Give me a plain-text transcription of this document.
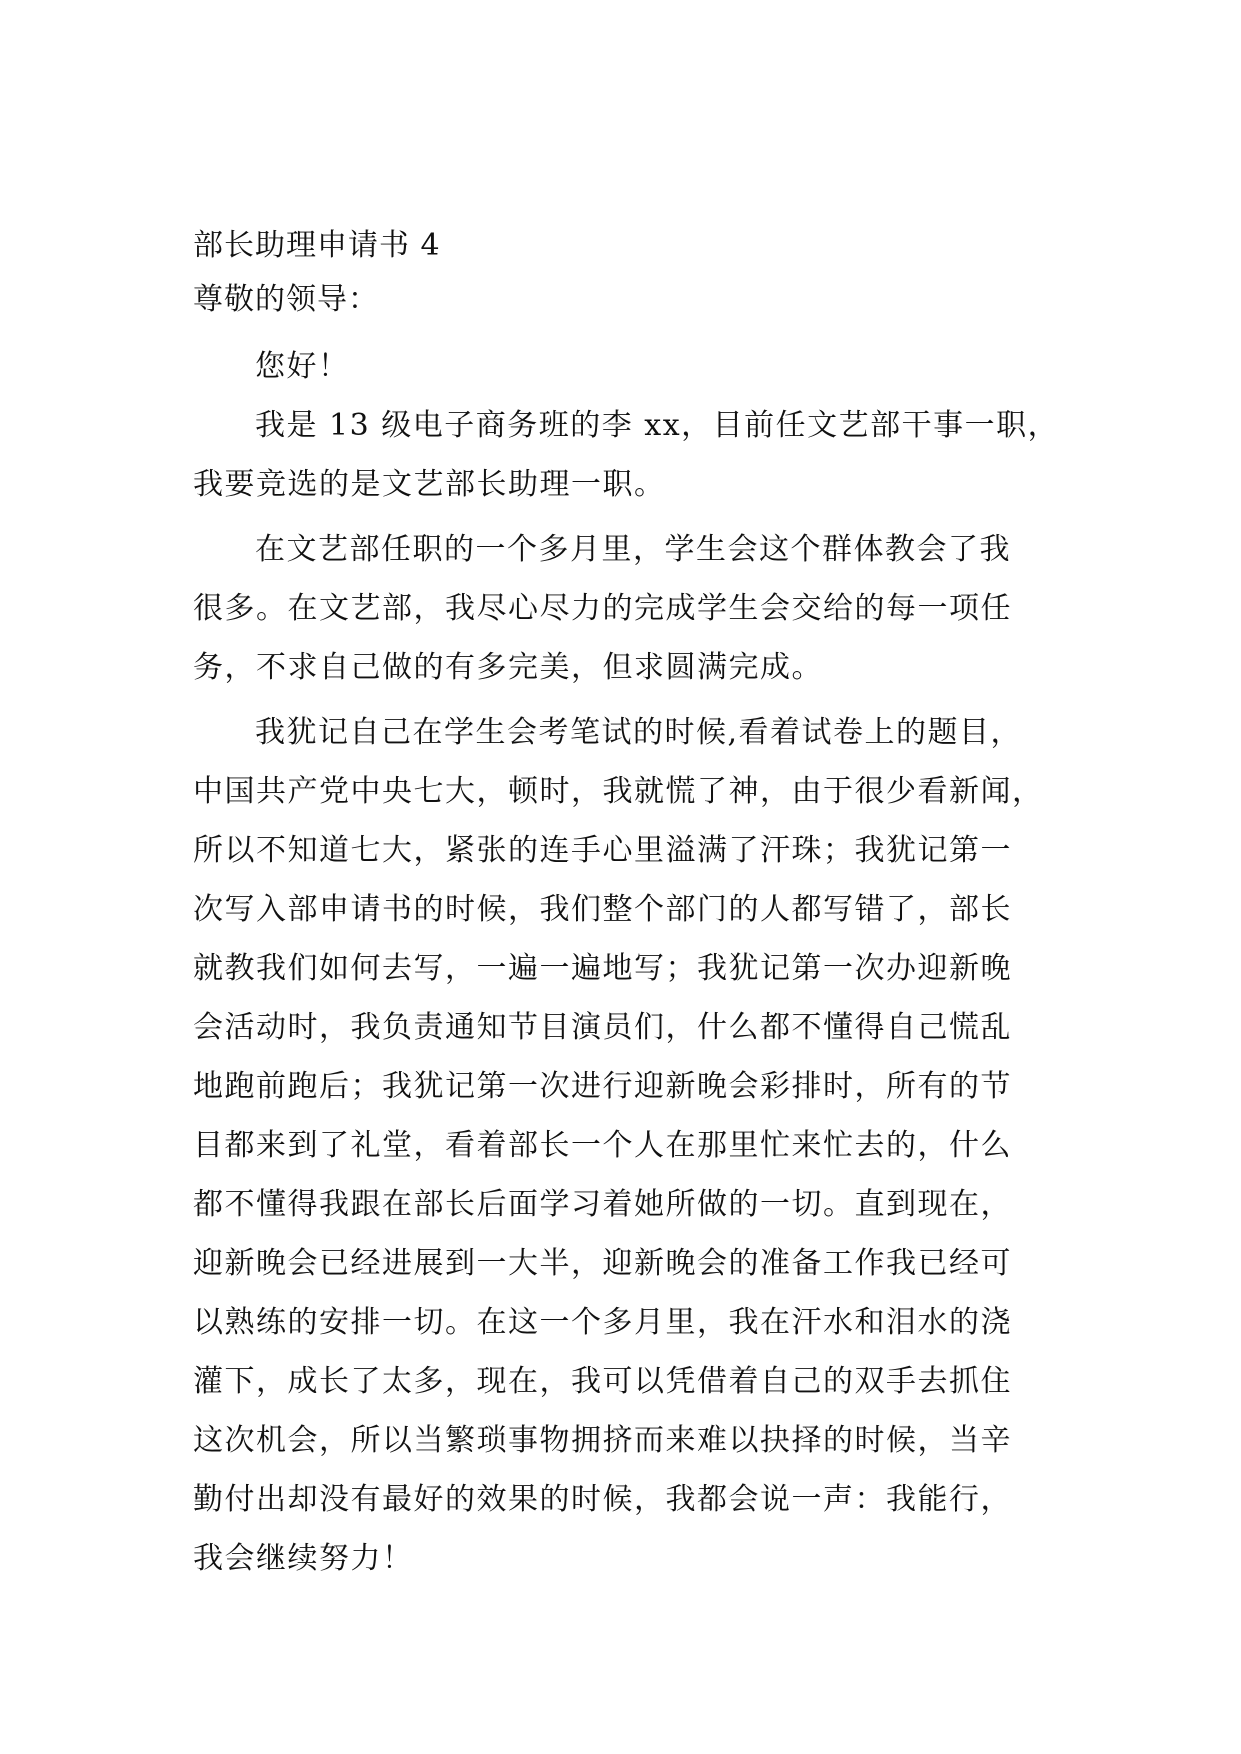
部长助理申请书 4
尊敬的领导：
您好！
我是 13 级电子商务班的李 xx，目前任文艺部干事一职，
我要竞选的是文艺部长助理一职。
在文艺部任职的一个多月里，学生会这个群体教会了我
很多。在文艺部，我尽心尽力的完成学生会交给的每一项任
务，不求自己做的有多完美，但求圆满完成。
我犹记自己在学生会考笔试的时候,看着试卷上的题目，
中国共产党中央七大，顿时，我就慌了神，由于很少看新闻，
所以不知道七大，紧张的连手心里溢满了汗珠；我犹记第一
次写入部申请书的时候，我们整个部门的人都写错了，部长
就教我们如何去写，一遍一遍地写；我犹记第一次办迎新晚
会活动时，我负责通知节目演员们，什么都不懂得自己慌乱
地跑前跑后；我犹记第一次进行迎新晚会彩排时，所有的节
目都来到了礼堂，看着部长一个人在那里忙来忙去的，什么
都不懂得我跟在部长后面学习着她所做的一切。直到现在，
迎新晚会已经进展到一大半，迎新晚会的准备工作我已经可
以熟练的安排一切。在这一个多月里，我在汗水和泪水的浇
灌下，成长了太多，现在，我可以凭借着自己的双手去抓住
这次机会，所以当繁琐事物拥挤而来难以抉择的时候，当辛
勤付出却没有最好的效果的时候，我都会说一声：我能行，
我会继续努力！
